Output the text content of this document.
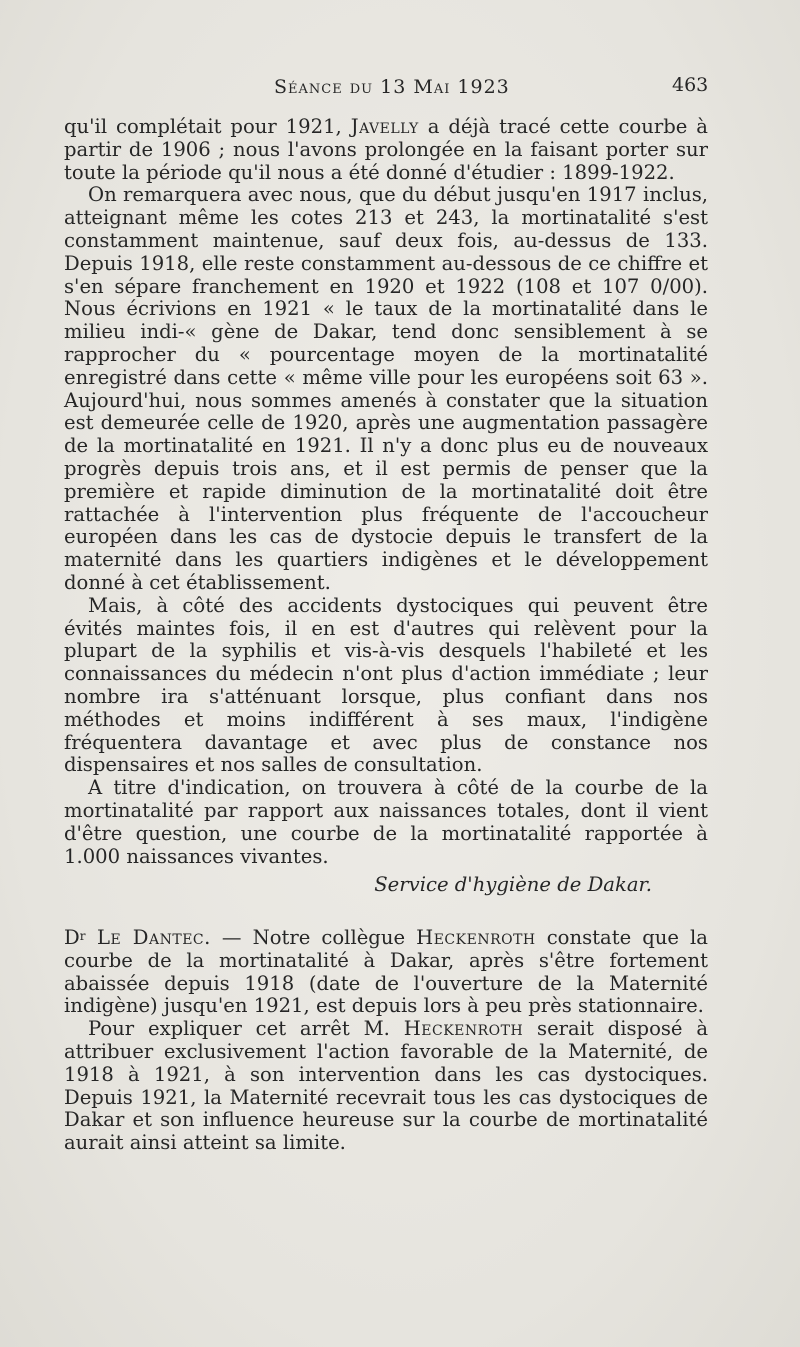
Séance du 13 Mai 1923	463

qu'il complétait pour 1921, Javelly a déjà tracé cette courbe à partir de 1906 ; nous l'avons prolongée en la faisant porter sur toute la période qu'il nous a été donné d'étudier : 1899-1922.

On remarquera avec nous, que du début jusqu'en 1917 inclus, atteignant même les cotes 213 et 243, la mortinatalité s'est constamment maintenue, sauf deux fois, au-dessus de 133. Depuis 1918, elle reste constamment au-dessous de ce chiffre et s'en sépare franchement en 1920 et 1922 (108 et 107 0/00). Nous écrivions en 1921 « le taux de la mortinatalité dans le milieu indi-« gène de Dakar, tend donc sensiblement à se rapprocher du « pourcentage moyen de la mortinatalité enregistré dans cette « même ville pour les européens soit 63 ». Aujourd'hui, nous sommes amenés à constater que la situation est demeurée celle de 1920, après une augmentation passagère de la mortinatalité en 1921. Il n'y a donc plus eu de nouveaux progrès depuis trois ans, et il est permis de penser que la première et rapide diminution de la mortinatalité doit être rattachée à l'intervention plus fréquente de l'accoucheur européen dans les cas de dystocie depuis le transfert de la maternité dans les quartiers indigènes et le développement donné à cet établissement.

Mais, à côté des accidents dystociques qui peuvent être évités maintes fois, il en est d'autres qui relèvent pour la plupart de la syphilis et vis-à-vis desquels l'habileté et les connaissances du médecin n'ont plus d'action immédiate ; leur nombre ira s'atténuant lorsque, plus confiant dans nos méthodes et moins indifférent à ses maux, l'indigène fréquentera davantage et avec plus de constance nos dispensaires et nos salles de consultation.

A titre d'indication, on trouvera à côté de la courbe de la mortinatalité par rapport aux naissances totales, dont il vient d'être question, une courbe de la mortinatalité rapportée à 1.000 naissances vivantes.

Service d'hygiène de Dakar.

$D^r$ Le Dantec. — Notre collègue Heckenroth constate que la courbe de la mortinatalité à Dakar, après s'être fortement abaissée depuis 1918 (date de l'ouverture de la Maternité indigène) jusqu'en 1921, est depuis lors à peu près stationnaire.

Pour expliquer cet arrêt M. Heckenroth serait disposé à attribuer exclusivement l'action favorable de la Maternité, de 1918 à 1921, à son intervention dans les cas dystociques. Depuis 1921, la Maternité recevrait tous les cas dystociques de Dakar et son influence heureuse sur la courbe de mortinatalité aurait ainsi atteint sa limite.
